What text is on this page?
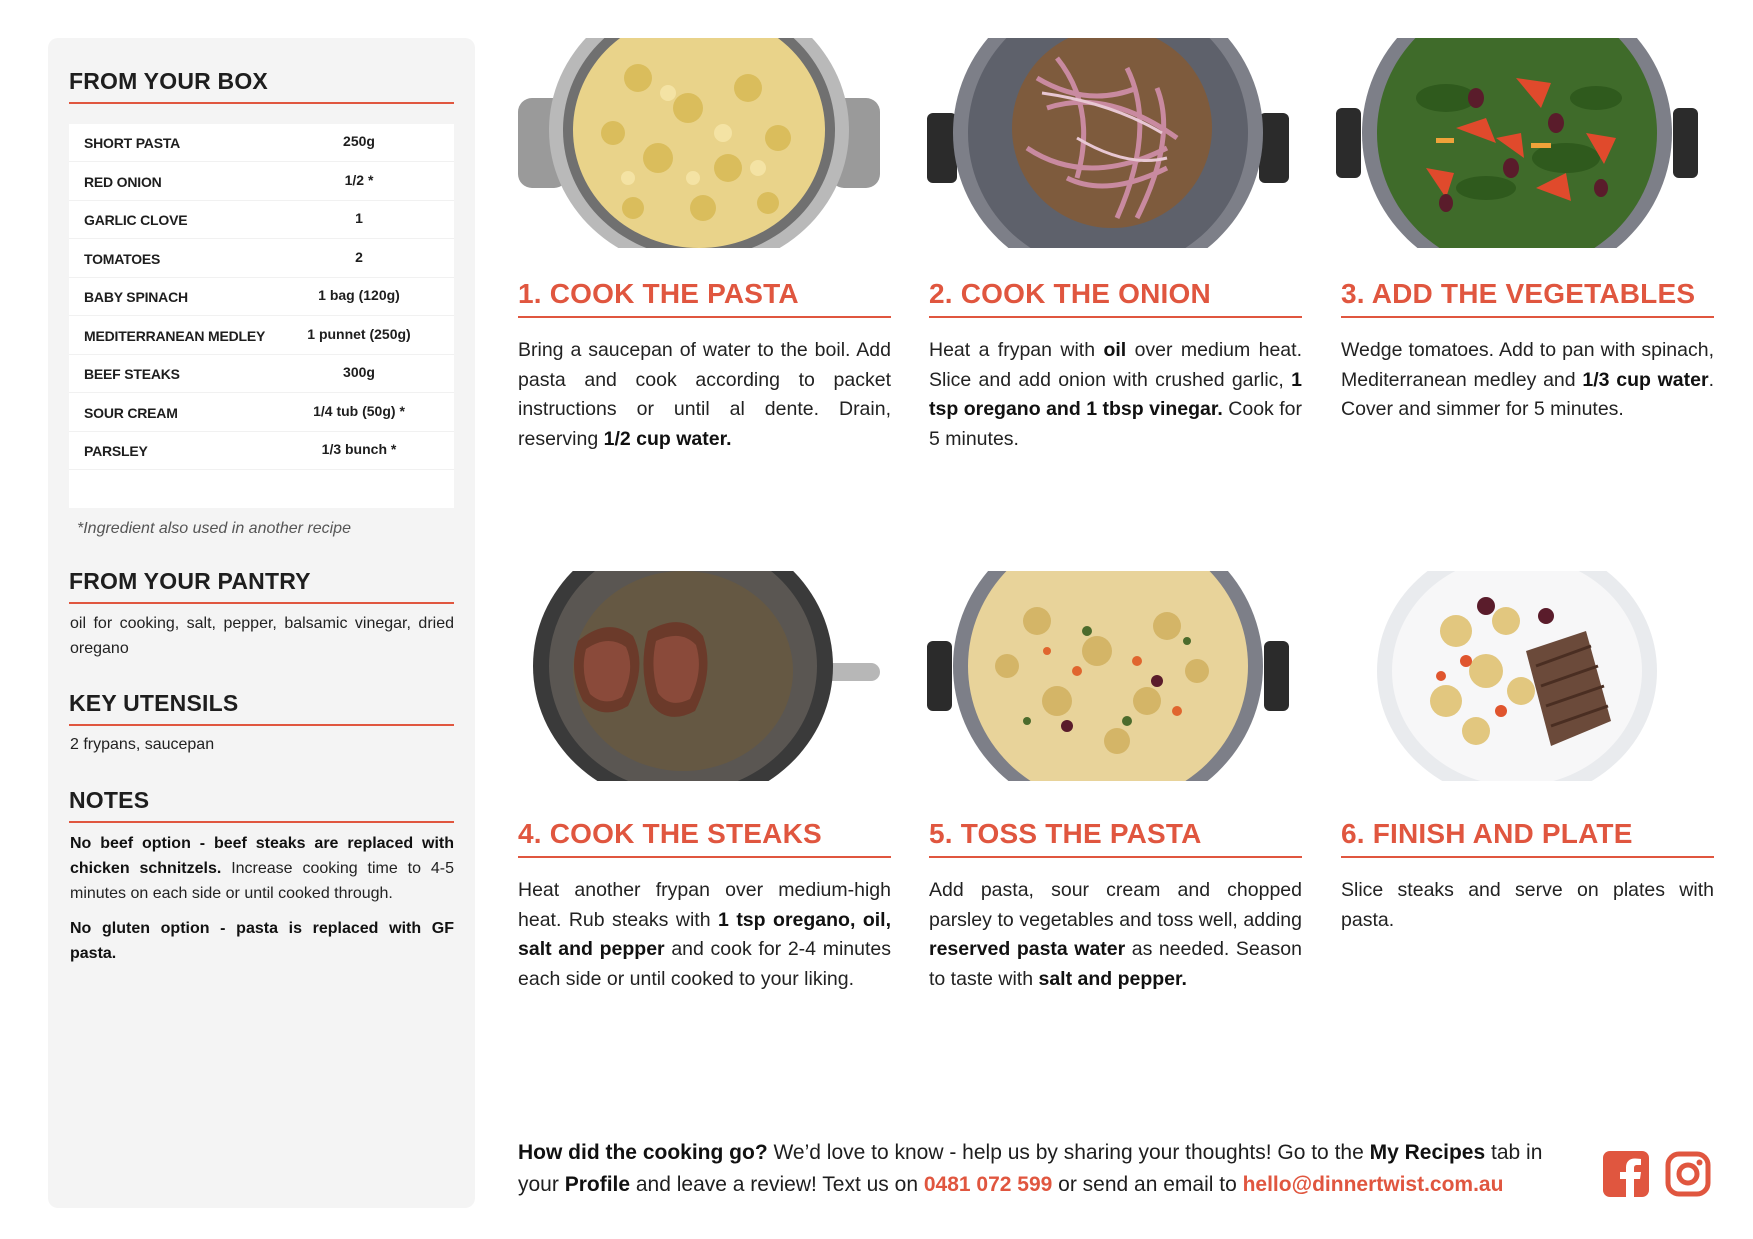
FROM YOUR BOX
SHORT PASTA	250g
RED ONION	1/2 *
GARLIC CLOVE	1
TOMATOES	2
BABY SPINACH	1 bag (120g)
MEDITERRANEAN MEDLEY	1 punnet (250g)
BEEF STEAKS	300g
SOUR CREAM	1/4 tub (50g) *
PARSLEY	1/3 bunch *
*Ingredient also used in another recipe
FROM YOUR PANTRY

oil for cooking, salt, pepper, balsamic vinegar, dried oregano

KEY UTENSILS

2 frypans, saucepan

NOTES

No beef option - beef steaks are replaced with chicken schnitzels. Increase cooking time to 4-5 minutes on each side or until cooked through.

No gluten option - pasta is replaced with GF pasta.

1. COOK THE PASTA

Bring a saucepan of water to the boil. Add pasta and cook according to packet instructions or until al dente. Drain, reserving 1/2 cup water.

2. COOK THE ONION

Heat a frypan with oil over medium heat. Slice and add onion with crushed garlic, 1 tsp oregano and 1 tbsp vinegar. Cook for 5 minutes.

3. ADD THE VEGETABLES

Wedge tomatoes. Add to pan with spinach, Mediterranean medley and 1/3 cup water. Cover and simmer for 5 minutes.

4. COOK THE STEAKS

Heat another frypan over medium-high heat. Rub steaks with 1 tsp oregano, oil, salt and pepper and cook for 2-4 minutes each side or until cooked to your liking.

5. TOSS THE PASTA

Add pasta, sour cream and chopped parsley to vegetables and toss well, adding reserved pasta water as needed. Season to taste with salt and pepper.

6. FINISH AND PLATE

Slice steaks and serve on plates with pasta.

How did the cooking go? We’d love to know - help us by sharing your thoughts! Go to the My Recipes tab in your Profile and leave a review! Text us on 0481 072 599 or send an email to hello@dinnertwist.com.au
